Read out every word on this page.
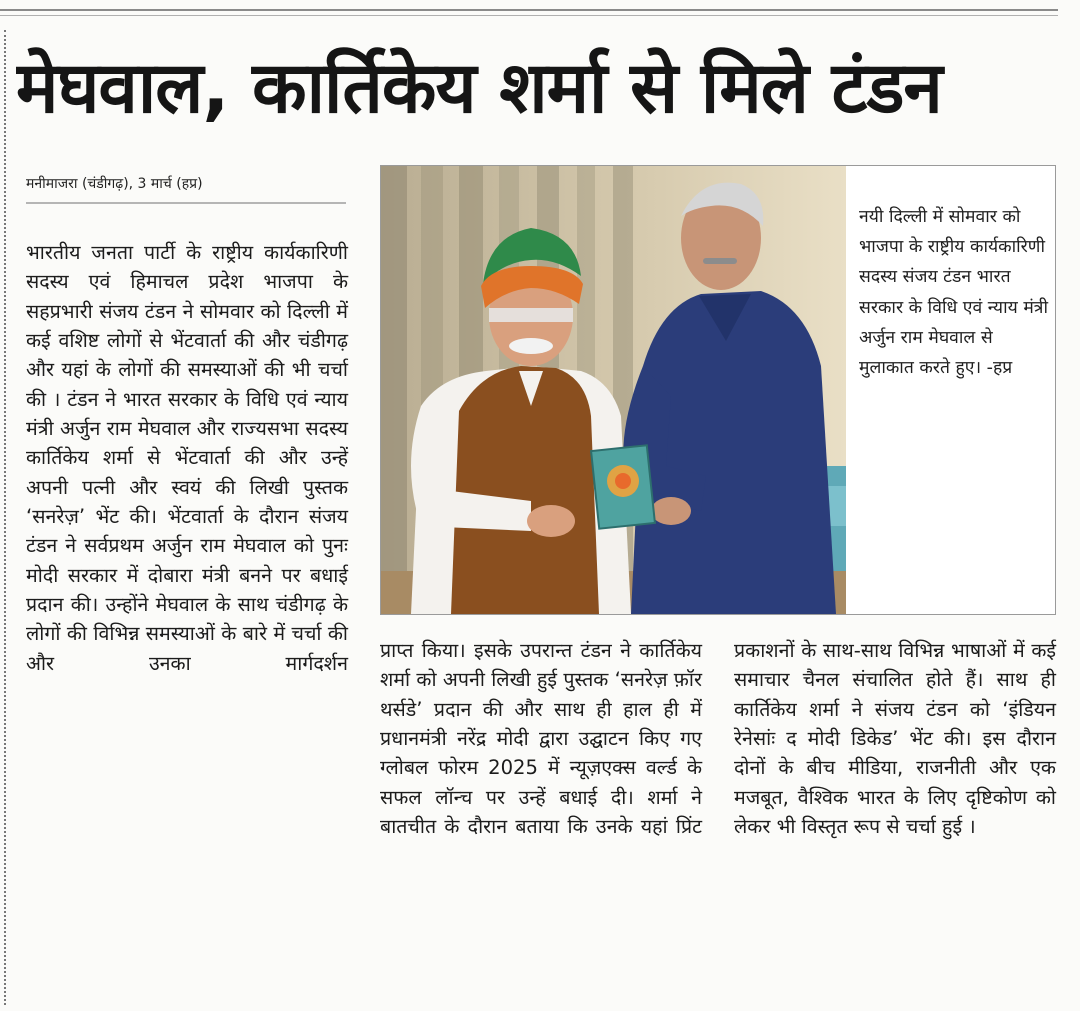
मेघवाल, कार्तिकेय शर्मा से मिले टंडन
मनीमाजरा (चंडीगढ़), 3 मार्च (हप्र)
भारतीय जनता पार्टी के राष्ट्रीय कार्यकारिणी सदस्य एवं हिमाचल प्रदेश भाजपा के सहप्रभारी संजय टंडन ने सोमवार को दिल्ली में कई वशिष्ट लोगों से भेंटवार्ता की और चंडीगढ़ और यहां के लोगों की समस्याओं की भी चर्चा की । टंडन ने भारत सरकार के विधि एवं न्याय मंत्री अर्जुन राम मेघवाल और राज्यसभा सदस्य कार्तिकेय शर्मा से भेंटवार्ता की और उन्हें अपनी पत्नी और स्वयं की लिखी पुस्तक ‘सनरेज़’ भेंट की। भेंटवार्ता के दौरान संजय टंडन ने सर्वप्रथम अर्जुन राम मेघवाल को पुनः मोदी सरकार में दोबारा मंत्री बनने पर बधाई प्रदान की। उन्होंने मेघवाल के साथ चंडीगढ़ के लोगों की विभिन्न समस्याओं के बारे में चर्चा की और उनका मार्गदर्शन
नयी दिल्ली में सोमवार को भाजपा के राष्ट्रीय कार्यकारिणी सदस्य संजय टंडन भारत सरकार के विधि एवं न्याय मंत्री अर्जुन राम मेघवाल से मुलाकात करते हुए। -हप्र
प्राप्त किया। इसके उपरान्त टंडन ने कार्तिकेय शर्मा को अपनी लिखी हुई पुस्तक ‘सनरेज़ फ़ॉर थर्सडे’ प्रदान की और साथ ही हाल ही में प्रधानमंत्री नरेंद्र मोदी द्वारा उद्घाटन किए गए ग्लोबल फोरम 2025 में न्यूज़एक्स वर्ल्ड के सफल लॉन्च पर उन्हें बधाई दी। शर्मा ने बातचीत के दौरान बताया कि उनके यहां प्रिंट
प्रकाशनों के साथ-साथ विभिन्न भाषाओं में कई समाचार चैनल संचालित होते हैं। साथ ही कार्तिकेय शर्मा ने संजय टंडन को ‘इंडियन रेनेसांः द मोदी डिकेड’ भेंट की। इस दौरान दोनों के बीच मीडिया, राजनीती और एक मजबूत, वैश्विक भारत के लिए दृष्टिकोण को लेकर भी विस्तृत रूप से चर्चा हुई ।
